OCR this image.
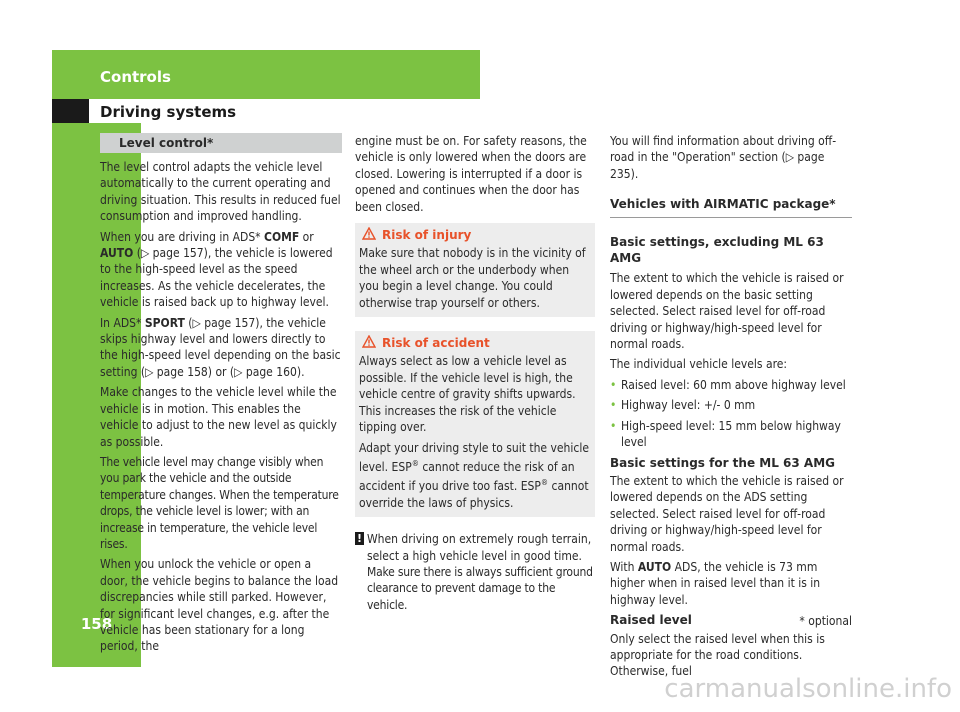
Controls
Driving systems
158	* optional
carmanualsonline.info
Level control*

The level control adapts the vehicle level automatically to the current operating and driving situation. This results in reduced fuel consumption and improved handling.

When you are driving in ADS* COMF or AUTO (▷ page 157), the vehicle is lowered to the high-speed level as the speed increases. As the vehicle decelerates, the vehicle is raised back up to highway level.

In ADS* SPORT (▷ page 157), the vehicle skips highway level and lowers directly to the high-speed level depending on the basic setting (▷ page 158) or (▷ page 160).

Make changes to the vehicle level while the vehicle is in motion. This enables the vehicle to adjust to the new level as quickly as possible.

The vehicle level may change visibly when you park the vehicle and the outside temperature changes. When the temperature drops, the vehicle level is lower; with an increase in temperature, the vehicle level rises.

When you unlock the vehicle or open a door, the vehicle begins to balance the load discrepancies while still parked. However, for significant level changes, e.g. after the vehicle has been stationary for a long period, the

engine must be on. For safety reasons, the vehicle is only lowered when the doors are closed. Lowering is interrupted if a door is opened and continues when the door has been closed.

Risk of injury

Make sure that nobody is in the vicinity of the wheel arch or the underbody when you begin a level change. You could otherwise trap yourself or others.

Risk of accident

Always select as low a vehicle level as possible. If the vehicle level is high, the vehicle centre of gravity shifts upwards. This increases the risk of the vehicle tipping over.

Adapt your driving style to suit the vehicle level. ESP® cannot reduce the risk of an accident if you drive too fast. ESP® cannot override the laws of physics.

! When driving on extremely rough terrain, select a high vehicle level in good time.

Make sure there is always sufficient ground clearance to prevent damage to the vehicle.

You will find information about driving off-road in the "Operation" section (▷ page 235).

Vehicles with AIRMATIC package*
Basic settings, excluding ML 63 AMG

The extent to which the vehicle is raised or lowered depends on the basic setting selected. Select raised level for off-road driving or highway/high-speed level for normal roads.

The individual vehicle levels are:

• Raised level: 60 mm above highway level
• Highway level: +/- 0 mm
• High-speed level: 15 mm below highway level
Basic settings for the ML 63 AMG

The extent to which the vehicle is raised or lowered depends on the ADS setting selected. Select raised level for off-road driving or highway/high-speed level for normal roads.

With AUTO ADS, the vehicle is 73 mm higher when in raised level than it is in highway level.

Raised level

Only select the raised level when this is appropriate for the road conditions. Otherwise, fuel
